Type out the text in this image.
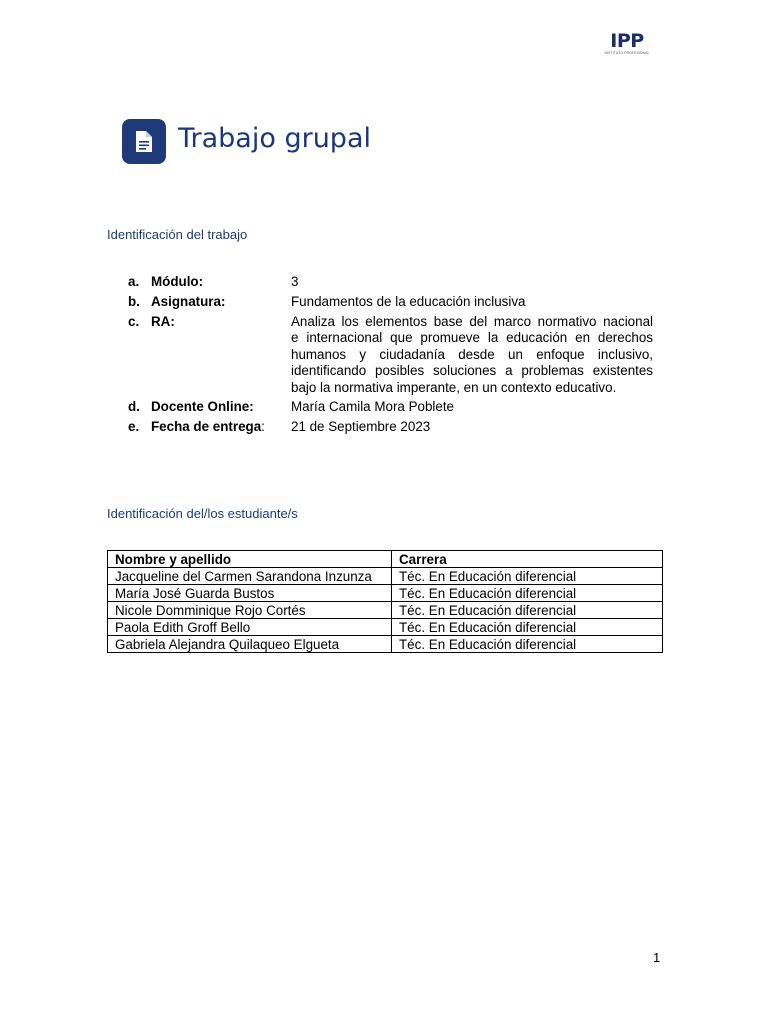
IPP
INSTITUTO PROFESIONAL
Trabajo grupal
Identificación del trabajo
a. Módulo:	3
b. Asignatura:	Fundamentos de la educación inclusiva
c. RA:	Analiza los elementos base del marco normativo nacional
e internacional que promueve la educación en derechos
humanos y ciudadanía desde un enfoque inclusivo,
identificando posibles soluciones a problemas existentes
bajo la normativa imperante, en un contexto educativo.
d. Docente Online:	María Camila Mora Poblete
e. Fecha de entrega: 21 de Septiembre 2023
Identificación del/los estudiante/s
Nombre y apellido	Carrera
Jacqueline del Carmen Sarandona Inzunza	Téc. En Educación diferencial
María José Guarda Bustos	Téc. En Educación diferencial
Nicole Domminique Rojo Cortés	Téc. En Educación diferencial
Paola Edith Groff Bello	Téc. En Educación diferencial
Gabriela Alejandra Quilaqueo Elgueta	Téc. En Educación diferencial
1
